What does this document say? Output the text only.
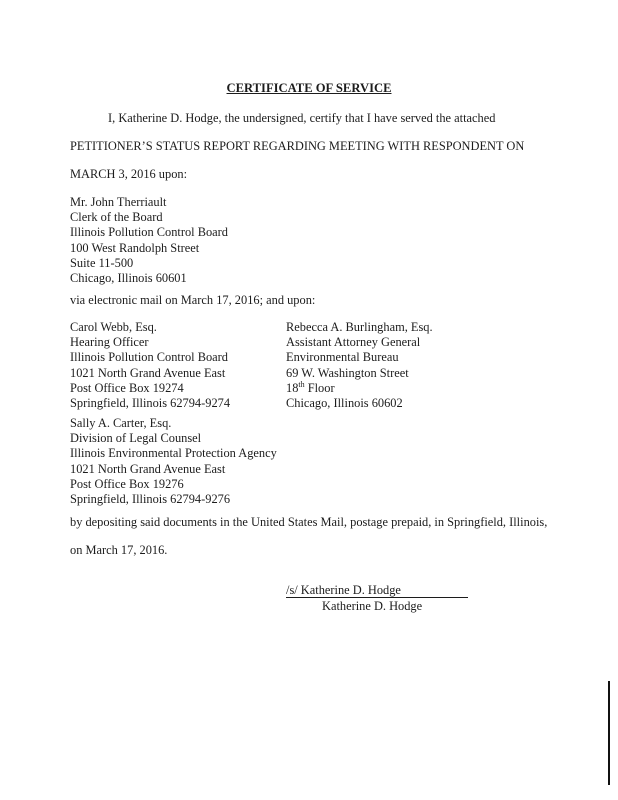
CERTIFICATE OF SERVICE
I, Katherine D. Hodge, the undersigned, certify that I have served the attached
PETITIONER’S STATUS REPORT REGARDING MEETING WITH RESPONDENT ON
MARCH 3, 2016 upon:
Mr. John Therriault
Clerk of the Board
Illinois Pollution Control Board
100 West Randolph Street
Suite 11-500
Chicago, Illinois 60601
via electronic mail on March 17, 2016; and upon:
Carol Webb, Esq.
Hearing Officer
Illinois Pollution Control Board
1021 North Grand Avenue East
Post Office Box 19274
Springfield, Illinois 62794-9274
Rebecca A. Burlingham, Esq.
Assistant Attorney General
Environmental Bureau
69 W. Washington Street
18th Floor
Chicago, Illinois 60602
Sally A. Carter, Esq.
Division of Legal Counsel
Illinois Environmental Protection Agency
1021 North Grand Avenue East
Post Office Box 19276
Springfield, Illinois 62794-9276
by depositing said documents in the United States Mail, postage prepaid, in Springfield, Illinois,
on March 17, 2016.
/s/ Katherine D. Hodge
Katherine D. Hodge
